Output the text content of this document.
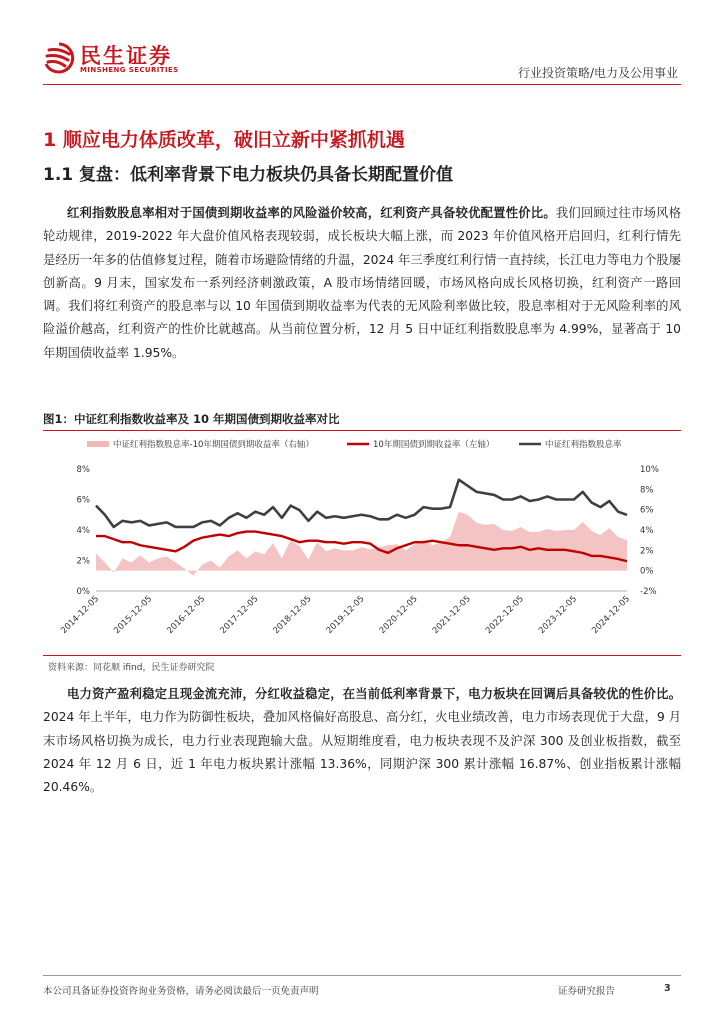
民生证券
MINSHENG SECURITIES	行业投资策略/电力及公用事业
1 顺应电力体质改革，破旧立新中紧抓机遇
1.1 复盘：低利率背景下电力板块仍具备长期配置价值

红利指数股息率相对于国债到期收益率的风险溢价较高，红利资产具备较优配置性价比。我们回顾过往市场风格轮动规律，2019-2022 年大盘价值风格表现较弱，成长板块大幅上涨，而 2023 年价值风格开启回归，红利行情先是经历一年多的估值修复过程，随着市场避险情绪的升温，2024 年三季度红利行情一直持续，长江电力等电力个股屡创新高。9 月末，国家发布一系列经济刺激政策，A 股市场情绪回暖，市场风格向成长风格切换，红利资产一路回调。我们将红利资产的股息率与以 10 年国债到期收益率为代表的无风险利率做比较，股息率相对于无风险利率的风险溢价越高，红利资产的性价比就越高。从当前位置分析，12 月 5 日中证红利指数股息率为 4.99%，显著高于 10 年期国债收益率 1.95%。

图1：中证红利指数收益率及 10 年期国债到期收益率对比
0%
2%
4%
6%
8%
-2%
0%
2%
4%
6%
8%
10%
2014-12-05 2015-12-05 2016-12-05 2017-12-05 2018-12-05 2019-12-05 2020-12-05 2021-12-05 2022-12-05 2023-12-05 2024-12-05
中证红利指数股息率-10年期国债到期收益率（右轴）	10年期国债到期收益率（左轴）	中证红利指数股息率
资料来源：同花顺 ifind，民生证券研究院

电力资产盈利稳定且现金流充沛，分红收益稳定，在当前低利率背景下，电力板块在回调后具备较优的性价比。2024 年上半年，电力作为防御性板块，叠加风格偏好高股息、高分红，火电业绩改善，电力市场表现优于大盘，9 月末市场风格切换为成长，电力行业表现跑输大盘。从短期维度看，电力板块表现不及沪深 300 及创业板指数，截至 2024 年 12 月 6 日，近 1 年电力板块累计涨幅 13.36%，同期沪深 300 累计涨幅 16.87%、创业指板累计涨幅 20.46%。

本公司具备证券投资咨询业务资格，请务必阅读最后一页免责声明	证券研究报告	3
